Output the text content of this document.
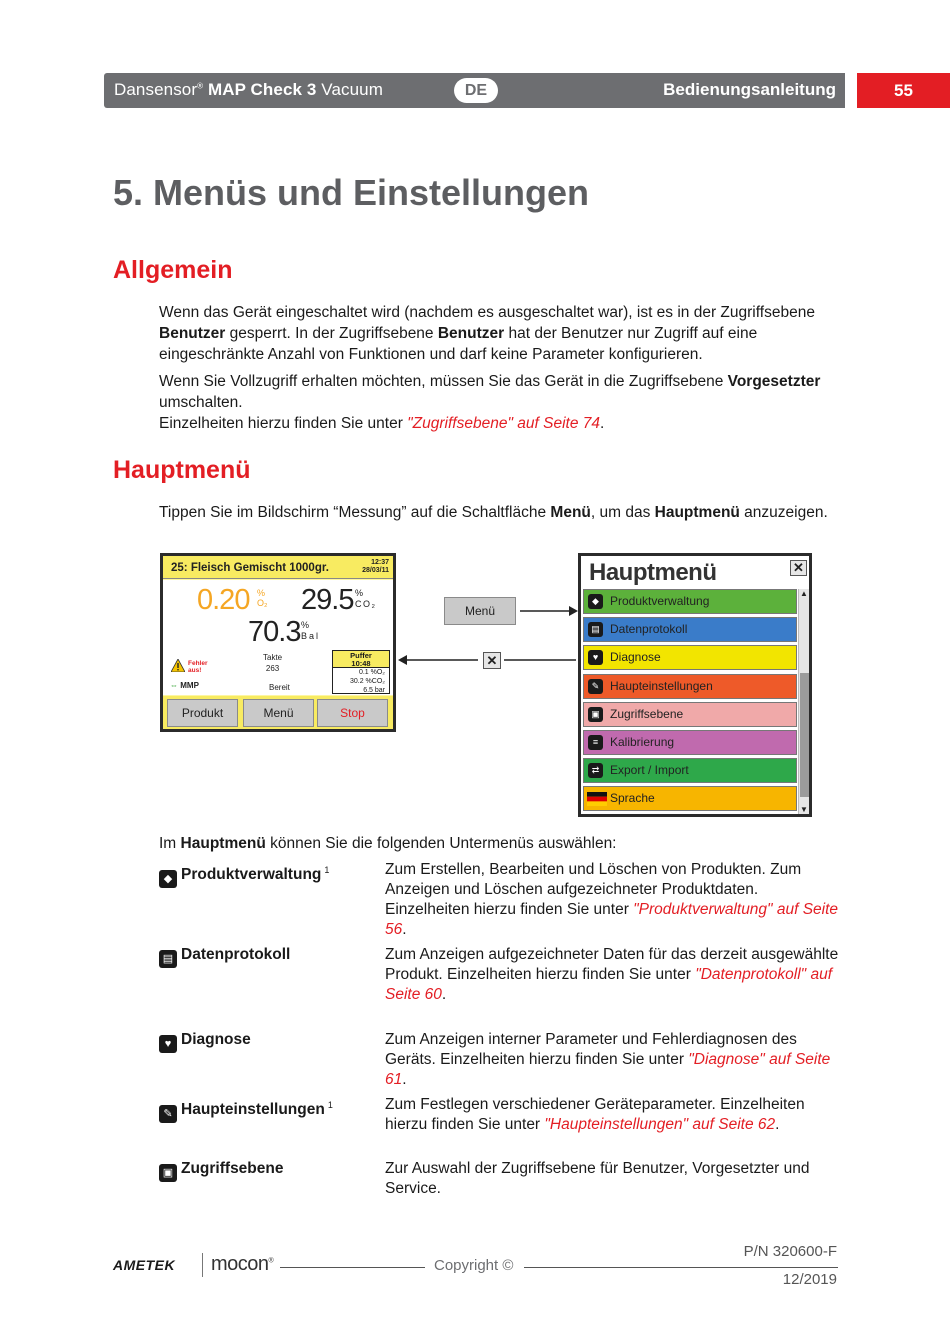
Dansensor® MAP Check 3 Vacuum	DE	Bedienungsanleitung	55
5. Menüs und Einstellungen
Allgemein
Wenn das Gerät eingeschaltet wird (nachdem es ausgeschaltet war), ist es in der Zugriffsebene Benutzer gesperrt. In der Zugriffsebene Benutzer hat der Benutzer nur Zugriff auf eine eingeschränkte Anzahl von Funktionen und darf keine Parameter konfigurieren.
Wenn Sie Vollzugriff erhalten möchten, müssen Sie das Gerät in die Zugriffsebene Vorgesetzter umschalten.
Einzelheiten hierzu finden Sie unter "Zugriffsebene" auf Seite 74.
Hauptmenü
Tippen Sie im Bildschirm “Messung” auf die Schaltfläche Menü, um das Hauptmenü anzuzeigen.
25: Fleisch Gemischt 1000gr.	12:37
28/03/11
0.20 %
O₂ 29.5 %
CO₂
70.3 %
Bal
Takte
263
Fehler
aus!
⇔ MMP	Bereit
Puffer
10:48
0.1 %O₂
30.2 %CO₂
6.5 bar
Produkt	Menü	Stop
Menü
✕
Hauptmenü	✕
◆ Produktverwaltung
▤ Datenprotokoll
♥ Diagnose
✎ Haupteinstellungen
▣ Zugriffsebene
≡ Kalibrierung
⇄ Export / Import
Sprache
▲
▼
Im Hauptmenü können Sie die folgenden Untermenüs auswählen:
◆ Produktverwaltung $^1$	Zum Erstellen, Bearbeiten und Löschen von Produkten. Zum Anzeigen und Löschen aufgezeichneter Produktdaten. Einzelheiten hierzu finden Sie unter "Produktverwaltung" auf Seite 56.
▤ Datenprotokoll	Zum Anzeigen aufgezeichneter Daten für das derzeit ausgewählte Produkt. Einzelheiten hierzu finden Sie unter "Datenprotokoll" auf Seite 60.
♥ Diagnose	Zum Anzeigen interner Parameter und Fehlerdiagnosen des Geräts. Einzelheiten hierzu finden Sie unter "Diagnose" auf Seite 61.
✎ Haupteinstellungen $^1$	Zum Festlegen verschiedener Geräteparameter. Einzelheiten hierzu finden Sie unter "Haupteinstellungen" auf Seite 62.
▣ Zugriffsebene	Zur Auswahl der Zugriffsebene für Benutzer, Vorgesetzter und Service.
AMETEK mocon®	Copyright ©
P/N 320600-F
12/2019
